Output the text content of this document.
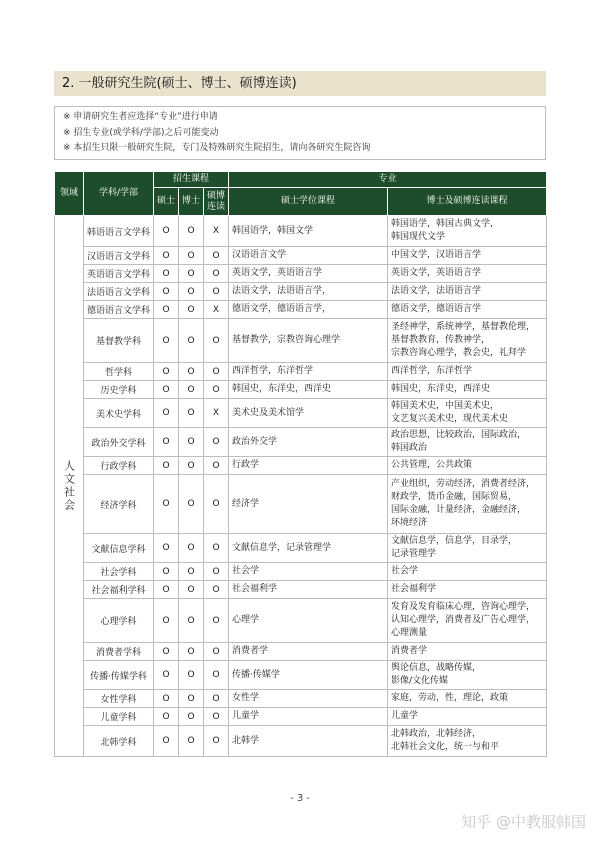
2. 一般研究生院(硕士、博士、硕博连读)
※ 申请研究生者应选择“专业”进行申请
※ 招生专业(或学科/学部)之后可能变动
※ 本招生只限一般研究生院，专门及特殊研究生院招生，请向各研究生院咨询
领域	学科/学部	招生课程			专业	
		硕士	博士	硕博连读	硕士学位课程	博士及硕博连读课程
人文社会	韩语语言文学科	O	O	X	韩国语学，韩国文学	韩国语学，韩国古典文学，
韩国现代文学

	汉语语言文学科	O	O	O	汉语语言文学	中国文学，汉语语言学

	英语语言文学科	O	O	O	英语文学，英语语言学	英语文学，英语语言学

	法语语言文学科	O	O	O	法语文学，法语语言学，	法语文学，法语语言学

	德语语言文学科	O	O	X	德语文学，德语语言学，	德语文学，德语语言学

	基督教学科	O	O	O	基督教学，宗教咨询心理学	圣经神学，系统神学，基督教伦理，
基督教教育，传教神学，
宗教咨询心理学，教会史，礼拜学

	哲学科	O	O	O	西洋哲学，东洋哲学	西洋哲学，东洋哲学

	历史学科	O	O	O	韩国史，东洋史，西洋史	韩国史，东洋史，西洋史

	美术史学科	O	O	X	美术史及美术馆学	韩国美术史，中国美术史，
文艺复兴美术史，现代美术史

	政治外交学科	O	O	O	政治外交学	政治思想，比较政治，国际政治，
韩国政治

	行政学科	O	O	O	行政学	公共管理，公共政策

	经济学科	O	O	O	经济学	产业组织，劳动经济，消费者经济，
财政学，货币金融，国际贸易，
国际金融，计量经济，金融经济，
环境经济

	文献信息学科	O	O	O	文献信息学，记录管理学	文献信息学，信息学，目录学，
记录管理学

	社会学科	O	O	O	社会学	社会学

	社会福利学科	O	O	O	社会福利学	社会福利学

	心理学科	O	O	O	心理学	发育及发育临床心理，咨询心理学，
认知心理学，消费者及广告心理学，
心理测量

	消费者学科	O	O	O	消费者学	消费者学

	传播·传媒学科	O	O	O	传播·传媒学	舆论信息，战略传媒，
影像/文化传媒

	女性学科	O	O	O	女性学	家庭，劳动，性，理论，政策

	儿童学科	O	O	O	儿童学	儿童学

	北韩学科	O	O	O	北韩学	北韩政治，北韩经济，
北韩社会文化，统一与和平
- 3 -
知乎 @中教服韩国
